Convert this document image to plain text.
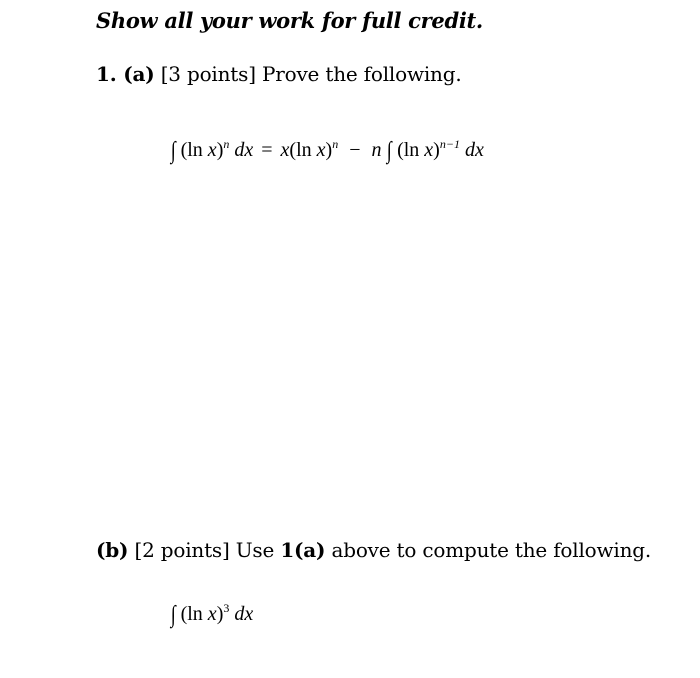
Show all your work for full credit.
1. (a) [3 points] Prove the following.
∫ (ln x)$^n$ dx = x(ln x)$^n$ − n ∫ (ln x)$^{n-1}$ dx
(b) [2 points] Use 1(a) above to compute the following.
∫ (ln x)$^3$ dx
